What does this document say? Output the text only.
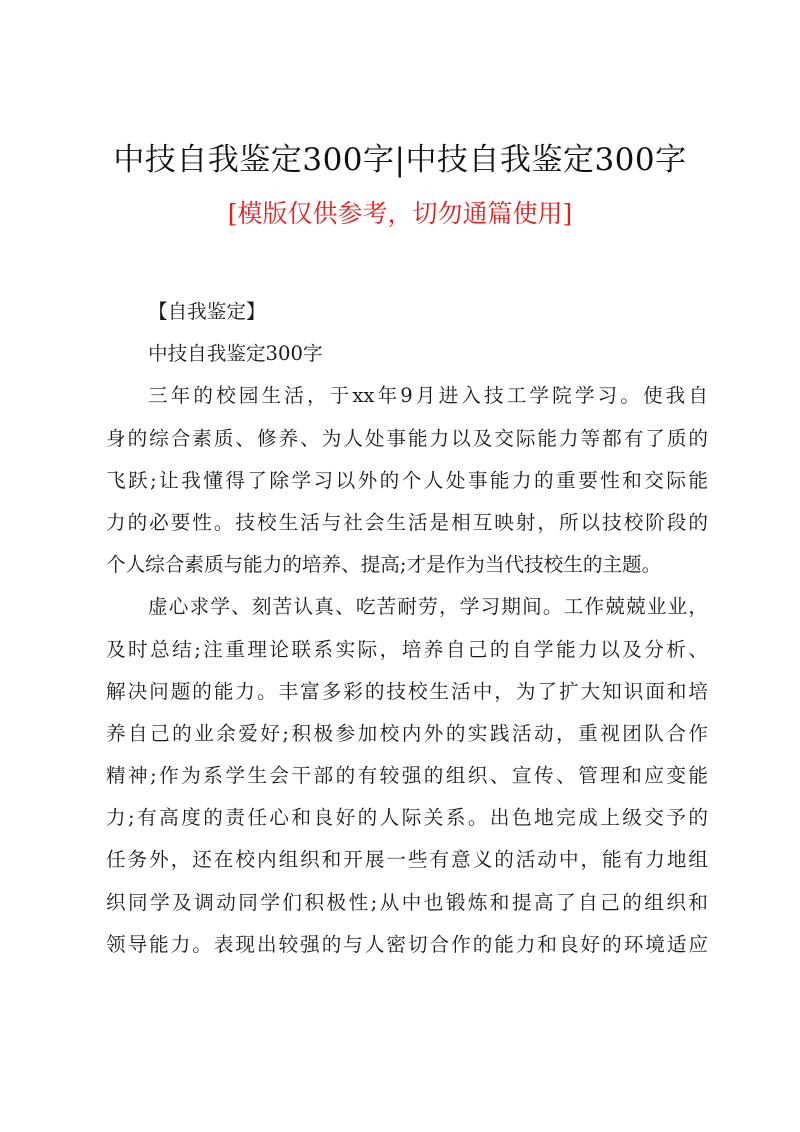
中技自我鉴定300字|中技自我鉴定300字
[模版仅供参考，切勿通篇使用]
【自我鉴定】
中技自我鉴定300字
三年的校园生活，于xx年9月进入技工学院学习。使我自
身的综合素质、修养、为人处事能力以及交际能力等都有了质的
飞跃;让我懂得了除学习以外的个人处事能力的重要性和交际能
力的必要性。技校生活与社会生活是相互映射，所以技校阶段的
个人综合素质与能力的培养、提高;才是作为当代技校生的主题。
虚心求学、刻苦认真、吃苦耐劳，学习期间。工作兢兢业业，
及时总结;注重理论联系实际，培养自己的自学能力以及分析、
解决问题的能力。丰富多彩的技校生活中，为了扩大知识面和培
养自己的业余爱好;积极参加校内外的实践活动，重视团队合作
精神;作为系学生会干部的有较强的组织、宣传、管理和应变能
力;有高度的责任心和良好的人际关系。出色地完成上级交予的
任务外，还在校内组织和开展一些有意义的活动中，能有力地组
织同学及调动同学们积极性;从中也锻炼和提高了自己的组织和
领导能力。表现出较强的与人密切合作的能力和良好的环境适应
